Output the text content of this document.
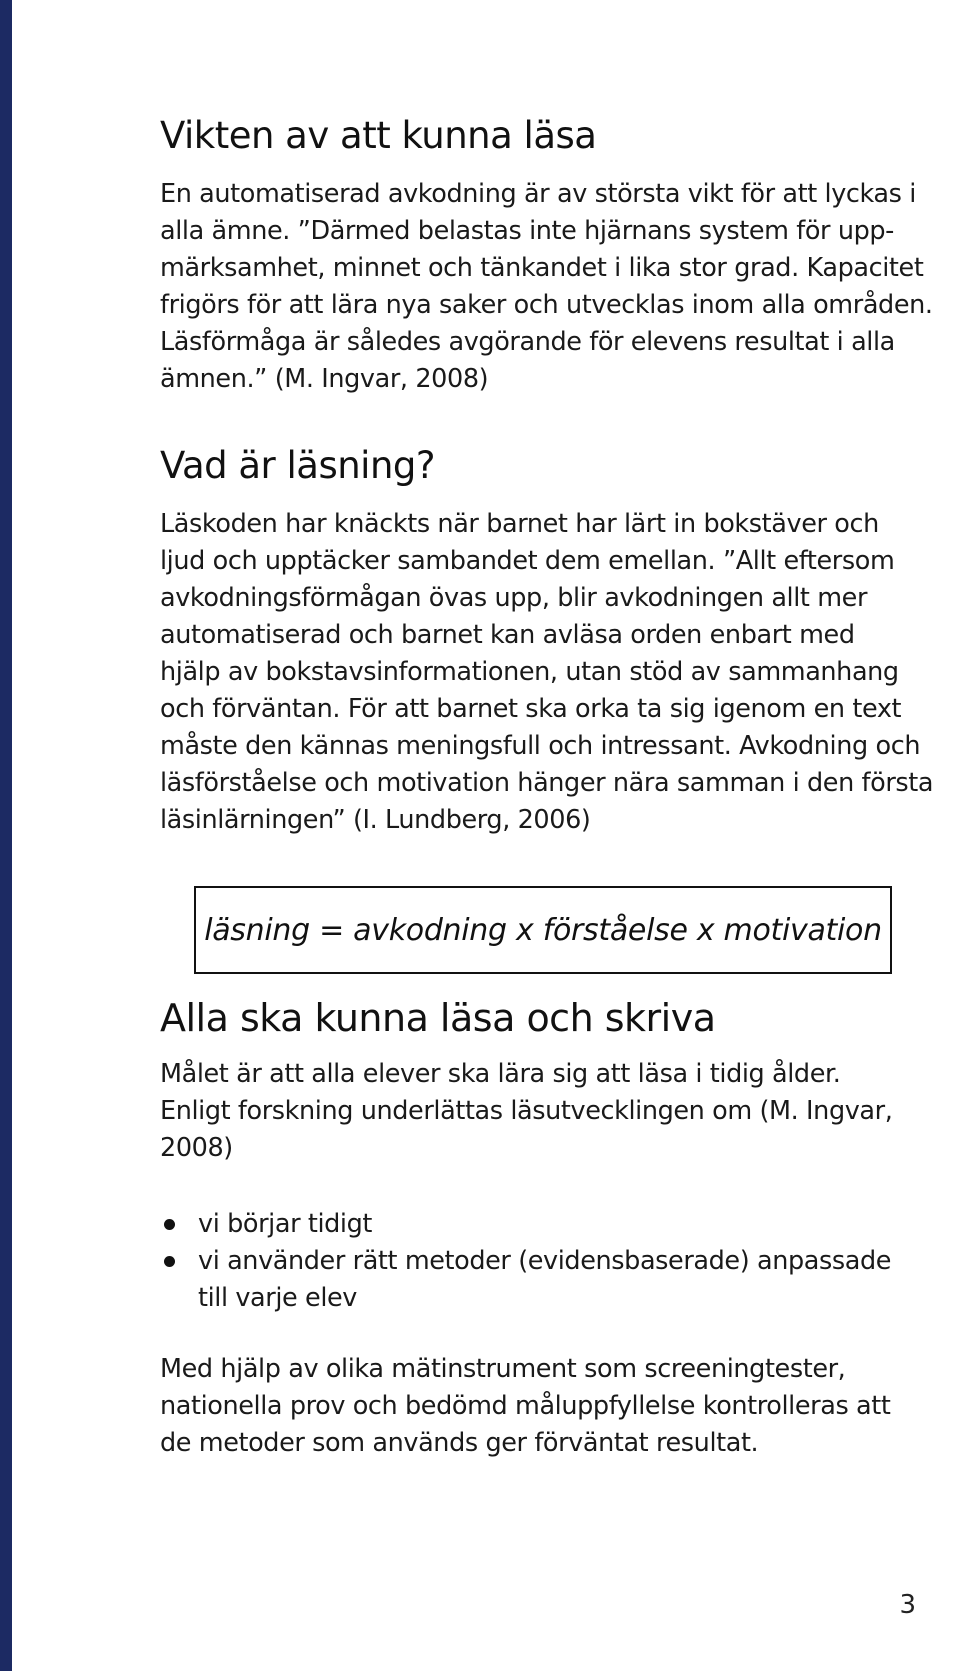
Vikten av att kunna läsa

En automatiserad avkodning är av största vikt för att lyckas i
alla ämne. ”Därmed belastas inte hjärnans system för upp-
märksamhet, minnet och tänkandet i lika stor grad. Kapacitet
frigörs för att lära nya saker och utvecklas inom alla områden.
Läsförmåga är således avgörande för elevens resultat i alla
ämnen.” (M. Ingvar, 2008)

Vad är läsning?

Läskoden har knäckts när barnet har lärt in bokstäver och
ljud och upptäcker sambandet dem emellan. ”Allt eftersom
avkodningsförmågan övas upp, blir avkodningen allt mer
automatiserad och barnet kan avläsa orden enbart med
hjälp av bokstavsinformationen, utan stöd av sammanhang
och förväntan. För att barnet ska orka ta sig igenom en text
måste den kännas meningsfull och intressant. Avkodning och
läsförståelse och motivation hänger nära samman i den första
läsinlärningen” (I. Lundberg, 2006)

läsning = avkodning x förståelse x motivation
Alla ska kunna läsa och skriva

Målet är att alla elever ska lära sig att läsa i tidig ålder.
Enligt forskning underlättas läsutvecklingen om (M. Ingvar,
2008)

vi börjar tidigt
vi använder rätt metoder (evidensbaserade) anpassade
till varje elev

Med hjälp av olika mätinstrument som screeningtester,
nationella prov och bedömd måluppfyllelse kontrolleras att
de metoder som används ger förväntat resultat.

3
